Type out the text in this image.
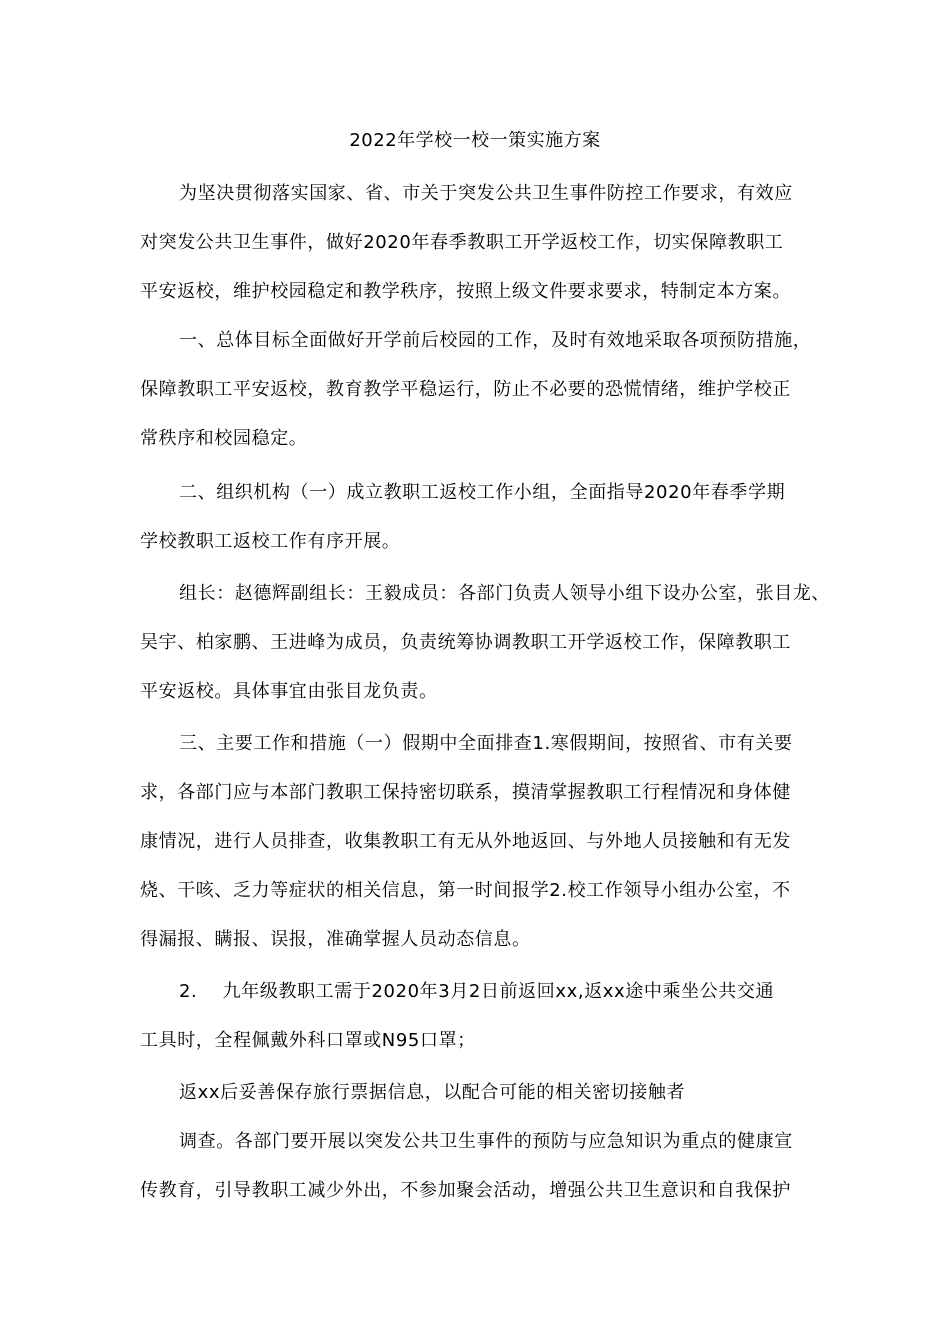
2022年学校一校一策实施方案
为坚决贯彻落实国家、省、市关于突发公共卫生事件防控工作要求，有效应
对突发公共卫生事件，做好2020年春季教职工开学返校工作，切实保障教职工
平安返校，维护校园稳定和教学秩序，按照上级文件要求要求，特制定本方案。
一、总体目标全面做好开学前后校园的工作，及时有效地采取各项预防措施，
保障教职工平安返校，教育教学平稳运行，防止不必要的恐慌情绪，维护学校正
常秩序和校园稳定。
二、组织机构（一）成立教职工返校工作小组，全面指导2020年春季学期
学校教职工返校工作有序开展。
组长：赵德辉副组长：王毅成员：各部门负责人领导小组下设办公室，张目龙、
吴宇、柏家鹏、王进峰为成员，负责统筹协调教职工开学返校工作，保障教职工
平安返校。具体事宜由张目龙负责。
三、主要工作和措施（一）假期中全面排查1.寒假期间，按照省、市有关要
求，各部门应与本部门教职工保持密切联系，摸清掌握教职工行程情况和身体健
康情况，进行人员排查，收集教职工有无从外地返回、与外地人员接触和有无发
烧、干咳、乏力等症状的相关信息，第一时间报学2.校工作领导小组办公室，不
得漏报、瞒报、误报，准确掌握人员动态信息。
2.    九年级教职工需于2020年3月2日前返回xx,返xx途中乘坐公共交通
工具时，全程佩戴外科口罩或N95口罩；
返xx后妥善保存旅行票据信息，以配合可能的相关密切接触者
调查。各部门要开展以突发公共卫生事件的预防与应急知识为重点的健康宣
传教育，引导教职工减少外出，不参加聚会活动，增强公共卫生意识和自我保护
